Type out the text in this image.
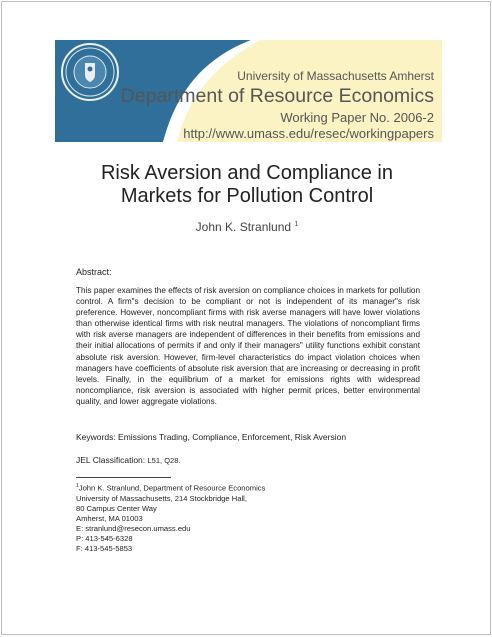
University of Massachusetts Amherst
Department of Resource Economics
Working Paper No. 2006-2
http://www.umass.edu/resec/workingpapers
Risk Aversion and Compliance in
Markets for Pollution Control
John K. Stranlund $^1$
Abstract:
This paper examines the effects of risk aversion on compliance choices in markets for pollution control. A firm"s decision to be compliant or not is independent of its manager"s risk preference. However, noncompliant firms with risk averse managers will have lower violations than otherwise identical firms with risk neutral managers. The violations of noncompliant firms with risk averse managers are independent of differences in their benefits from emissions and their initial allocations of permits if and only if their managers" utility functions exhibit constant absolute risk aversion. However, firm-level characteristics do impact violation choices when managers have coefficients of absolute risk aversion that are increasing or decreasing in profit levels. Finally, in the equilibrium of a market for emissions rights with widespread noncompliance, risk aversion is associated with higher permit prices, better environmental quality, and lower aggregate violations.
Keywords: Emissions Trading, Compliance, Enforcement, Risk Aversion
JEL Classification: L51, Q28.
$^1$John K. Stranlund, Department of Resource Economics
University of Massachusetts, 214 Stockbridge Hall,
80 Campus Center Way
Amherst, MA 01003
E: stranlund@resecon.umass.edu
P: 413-545-6328
F: 413-545-5853
